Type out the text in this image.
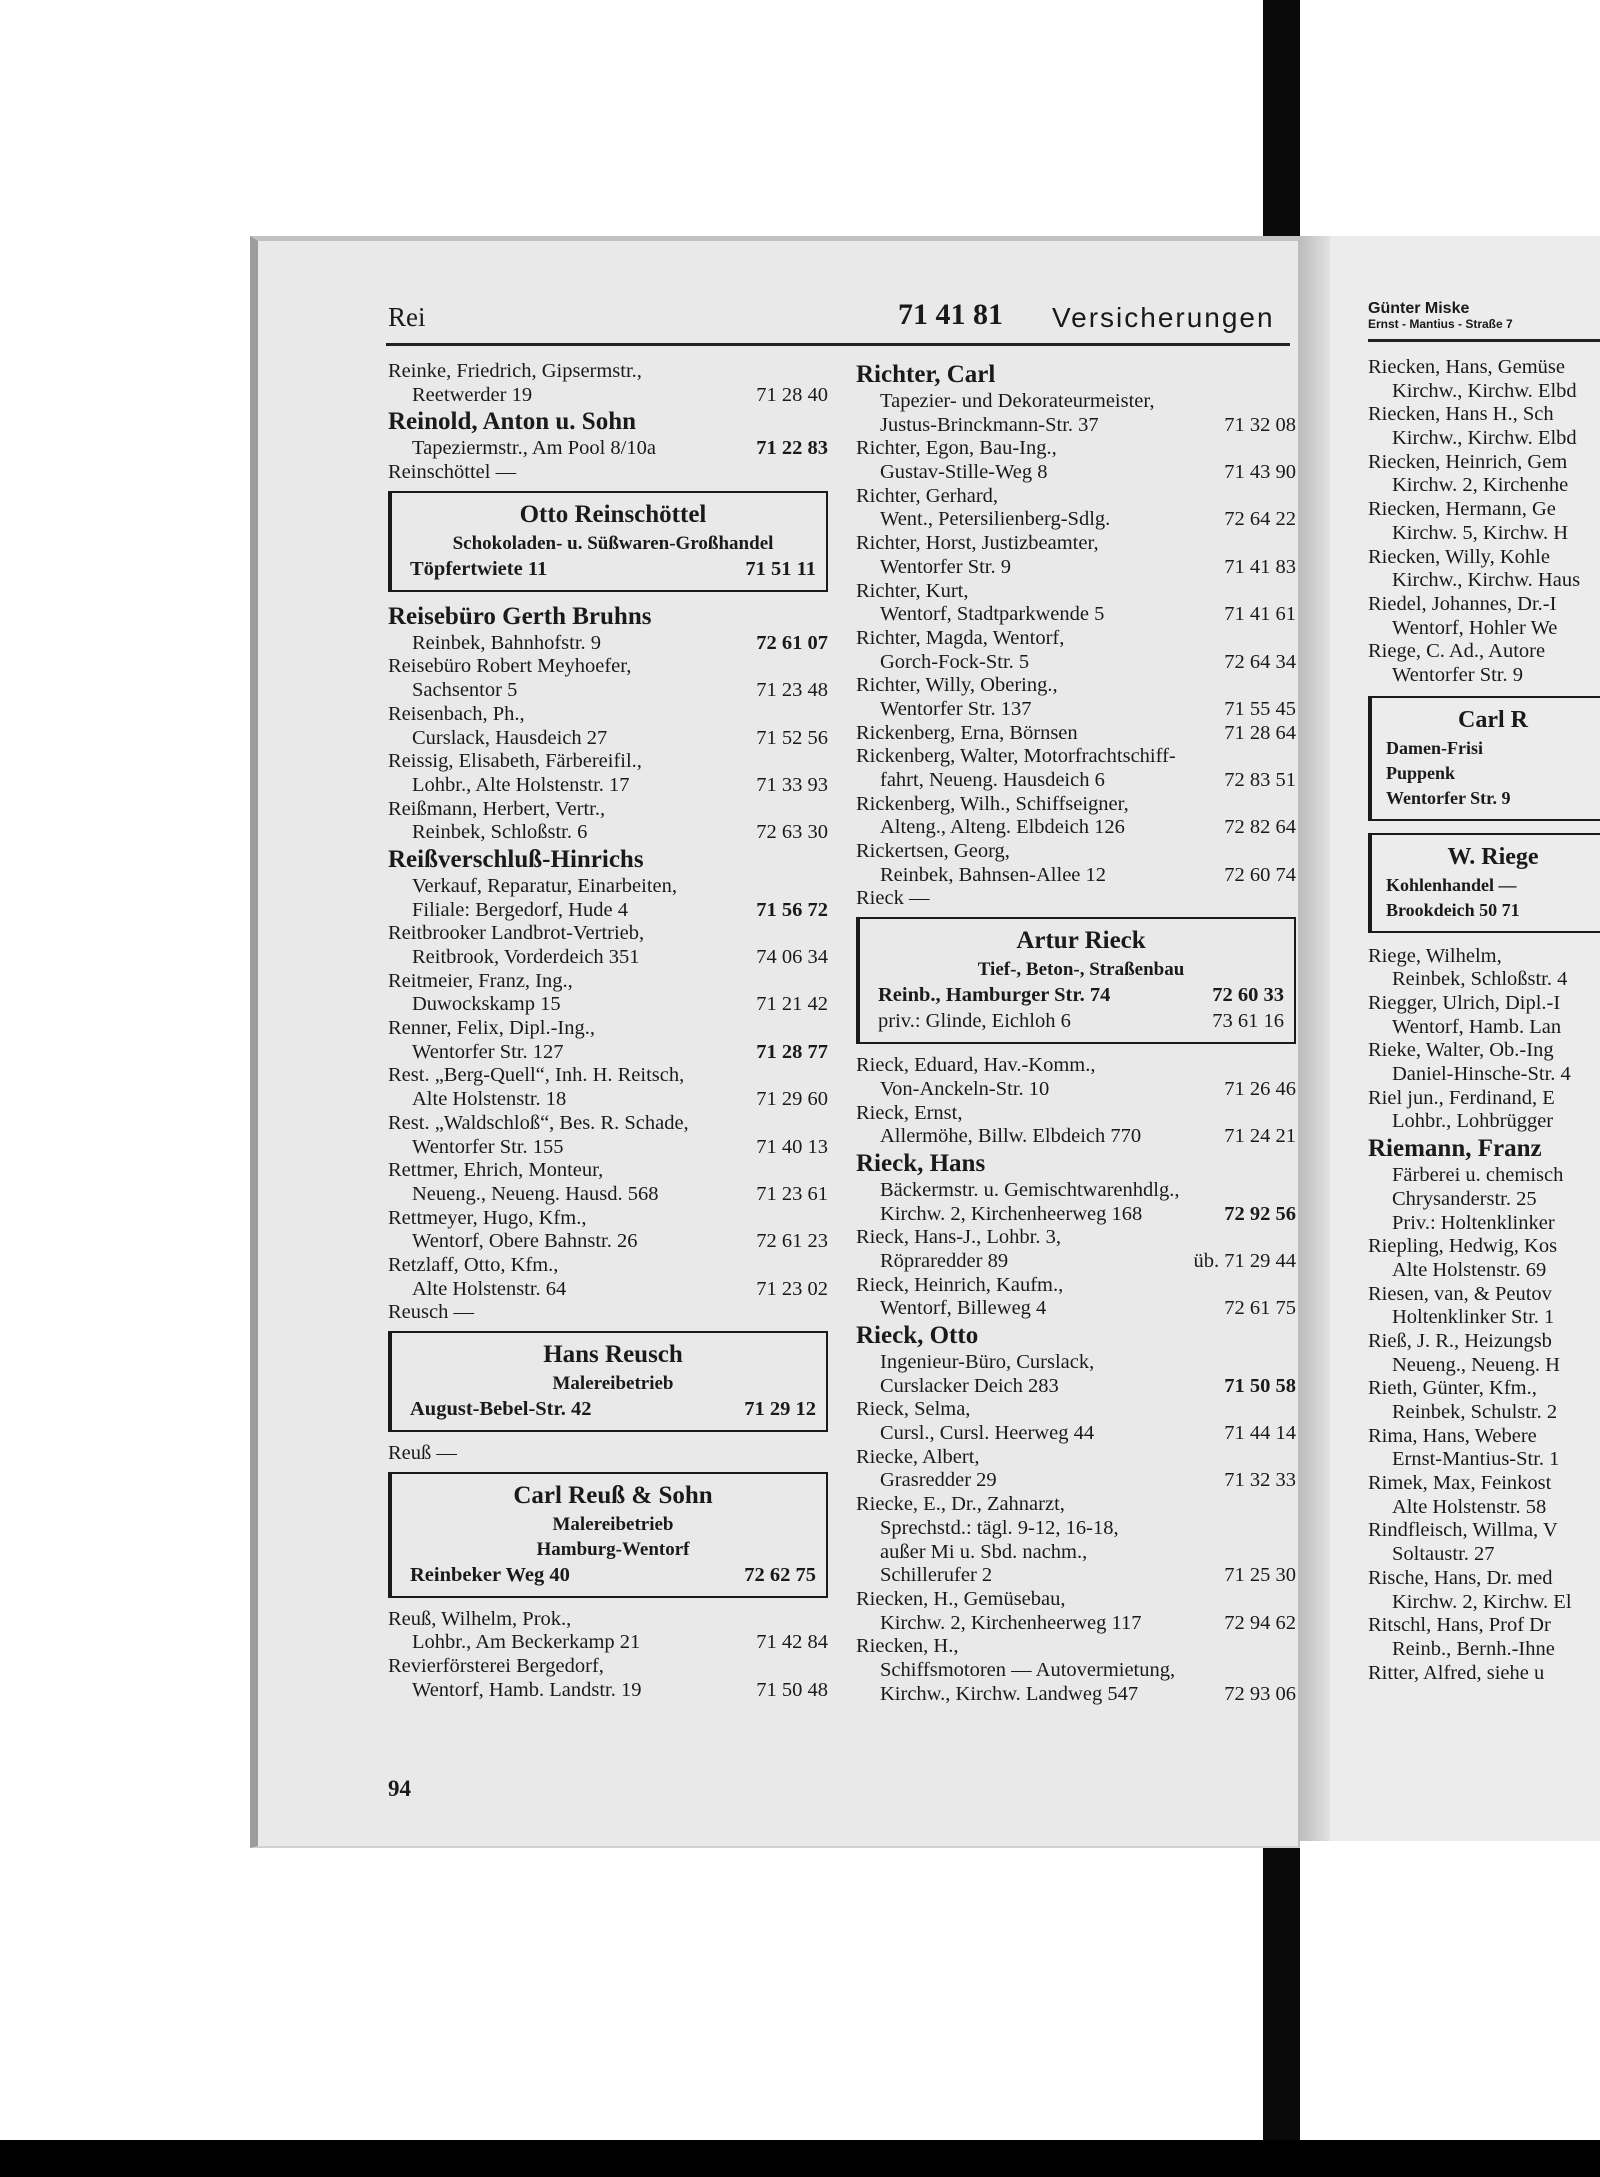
Rei	71 41 81 Versicherungen
Reinke, Friedrich, Gipsermstr.,
Reetwerder 19	71 28 40
Reinold, Anton u. Sohn
Tapeziermstr., Am Pool 8/10a	71 22 83
Reinschöttel —
Otto Reinschöttel
Schokoladen- u. Süßwaren-Großhandel
Töpfertwiete 11	71 51 11
Reisebüro Gerth Bruhns
Reinbek, Bahnhofstr. 9	72 61 07
Reisebüro Robert Meyhoefer,
Sachsentor 5	71 23 48
Reisenbach, Ph.,
Curslack, Hausdeich 27	71 52 56
Reissig, Elisabeth, Färbereifil.,
Lohbr., Alte Holstenstr. 17	71 33 93
Reißmann, Herbert, Vertr.,
Reinbek, Schloßstr. 6	72 63 30
Reißverschluß-Hinrichs
Verkauf, Reparatur, Einarbeiten,
Filiale: Bergedorf, Hude 4	71 56 72
Reitbrooker Landbrot-Vertrieb,
Reitbrook, Vorderdeich 351	74 06 34
Reitmeier, Franz, Ing.,
Duwockskamp 15	71 21 42
Renner, Felix, Dipl.-Ing.,
Wentorfer Str. 127	71 28 77
Rest. „Berg-Quell“, Inh. H. Reitsch,
Alte Holstenstr. 18	71 29 60
Rest. „Waldschloß“, Bes. R. Schade,
Wentorfer Str. 155	71 40 13
Rettmer, Ehrich, Monteur,
Neueng., Neueng. Hausd. 568	71 23 61
Rettmeyer, Hugo, Kfm.,
Wentorf, Obere Bahnstr. 26	72 61 23
Retzlaff, Otto, Kfm.,
Alte Holstenstr. 64	71 23 02
Reusch —
Hans Reusch
Malereibetrieb
August-Bebel-Str. 42	71 29 12
Reuß —
Carl Reuß & Sohn
Malereibetrieb
Hamburg-Wentorf
Reinbeker Weg 40	72 62 75
Reuß, Wilhelm, Prok.,
Lohbr., Am Beckerkamp 21	71 42 84
Revierförsterei Bergedorf,
Wentorf, Hamb. Landstr. 19	71 50 48
Richter, Carl
Tapezier- und Dekorateurmeister,
Justus-Brinckmann-Str. 37	71 32 08
Richter, Egon, Bau-Ing.,
Gustav-Stille-Weg 8	71 43 90
Richter, Gerhard,
Went., Petersilienberg-Sdlg.	72 64 22
Richter, Horst, Justizbeamter,
Wentorfer Str. 9	71 41 83
Richter, Kurt,
Wentorf, Stadtparkwende 5	71 41 61
Richter, Magda, Wentorf,
Gorch-Fock-Str. 5	72 64 34
Richter, Willy, Obering.,
Wentorfer Str. 137	71 55 45
Rickenberg, Erna, Börnsen	71 28 64
Rickenberg, Walter, Motorfrachtschiff-
fahrt, Neueng. Hausdeich 6	72 83 51
Rickenberg, Wilh., Schiffseigner,
Alteng., Alteng. Elbdeich 126	72 82 64
Rickertsen, Georg,
Reinbek, Bahnsen-Allee 12	72 60 74
Rieck —
Artur Rieck
Tief-, Beton-, Straßenbau
Reinb., Hamburger Str. 74	72 60 33
priv.: Glinde, Eichloh 6	73 61 16
Rieck, Eduard, Hav.-Komm.,
Von-Anckeln-Str. 10	71 26 46
Rieck, Ernst,
Allermöhe, Billw. Elbdeich 770	71 24 21
Rieck, Hans
Bäckermstr. u. Gemischtwarenhdlg.,
Kirchw. 2, Kirchenheerweg 168	72 92 56
Rieck, Hans-J., Lohbr. 3,
Röpraredder 89	üb. 71 29 44
Rieck, Heinrich, Kaufm.,
Wentorf, Billeweg 4	72 61 75
Rieck, Otto
Ingenieur-Büro, Curslack,
Curslacker Deich 283	71 50 58
Rieck, Selma,
Cursl., Cursl. Heerweg 44	71 44 14
Riecke, Albert,
Grasredder 29	71 32 33
Riecke, E., Dr., Zahnarzt,
Sprechstd.: tägl. 9-12, 16-18,
außer Mi u. Sbd. nachm.,
Schillerufer 2	71 25 30
Riecken, H., Gemüsebau,
Kirchw. 2, Kirchenheerweg 117	72 94 62
Riecken, H.,
Schiffsmotoren — Autovermietung,
Kirchw., Kirchw. Landweg 547	72 93 06
94
Günter Miske
Ernst - Mantius - Straße 7
Riecken, Hans, Gemüse
Kirchw., Kirchw. Elbd
Riecken, Hans H., Sch
Kirchw., Kirchw. Elbd
Riecken, Heinrich, Gem
Kirchw. 2, Kirchenhe
Riecken, Hermann, Ge
Kirchw. 5, Kirchw. H
Riecken, Willy, Kohle
Kirchw., Kirchw. Haus
Riedel, Johannes, Dr.-I
Wentorf, Hohler We
Riege, C. Ad., Autore
Wentorfer Str. 9
Carl R
Damen-Frisi
Puppenk
Wentorfer Str. 9
W. Riege
Kohlenhandel —
Brookdeich 50 71
Riege, Wilhelm,
Reinbek, Schloßstr. 4
Riegger, Ulrich, Dipl.-I
Wentorf, Hamb. Lan
Rieke, Walter, Ob.-Ing
Daniel-Hinsche-Str. 4
Riel jun., Ferdinand, E
Lohbr., Lohbrügger
Riemann, Franz
Färberei u. chemisch
Chrysanderstr. 25
Priv.: Holtenklinker
Riepling, Hedwig, Kos
Alte Holstenstr. 69
Riesen, van, & Peutov
Holtenklinker Str. 1
Rieß, J. R., Heizungsb
Neueng., Neueng. H
Rieth, Günter, Kfm.,
Reinbek, Schulstr. 2
Rima, Hans, Webere
Ernst-Mantius-Str. 1
Rimek, Max, Feinkost
Alte Holstenstr. 58
Rindfleisch, Willma, V
Soltaustr. 27
Rische, Hans, Dr. med
Kirchw. 2, Kirchw. El
Ritschl, Hans, Prof Dr
Reinb., Bernh.-Ihne
Ritter, Alfred, siehe u
